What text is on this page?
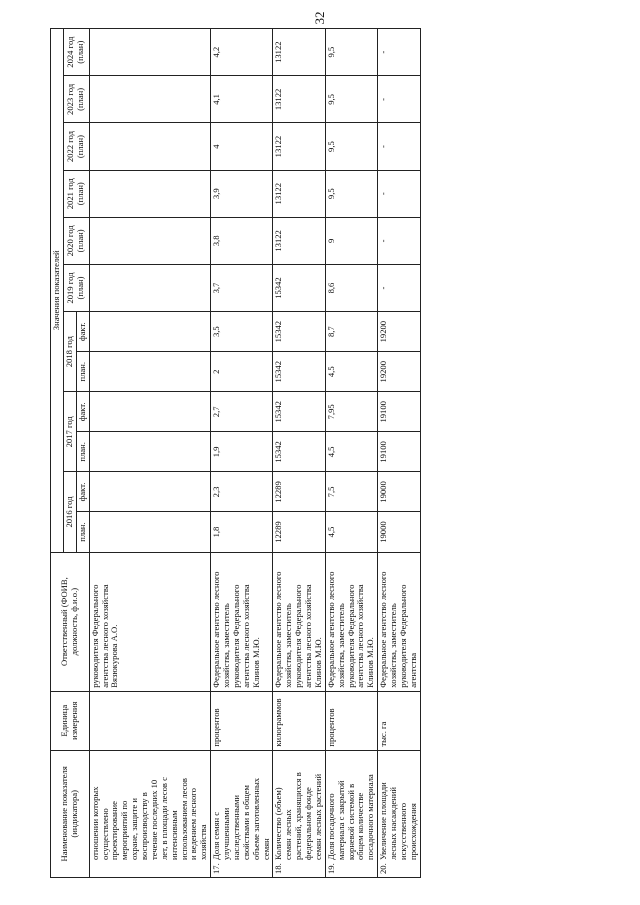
32
Наименование показателя (индикатора)	Единица измерения	Ответственный (ФОИВ, должность, ф.и.о.)	Значения показателей											
			2016 год		2017 год		2018 год		2019 год (план)	2020 год (план)	2021 год (план)	2022 год (план)	2023 год (план)	2024 год (план)
			план.	факт.	план.	факт.	план.	факт.						
отношении которых осуществлено проектирование мероприятий по охране, защите и воспроизводству в течение последних 10 лет, в площади лесов с интенсивным использованием лесов и ведением лесного хозяйства		руководителя Федерального агентства лесного хозяйства Вязюкурова А.О.												
17.Доля семян с улучшенными наследственными свойствами в общем объеме заготовленных семян	процентов	Федеральное агентство лесного хозяйства, заместитель руководителя Федерального агентства лесного хозяйства Клинов М.Ю.	1,8	2,3	1,9	2,7	2	3,5	3,7	3,8	3,9	4	4,1	4,2
18.Количество (объем) семян лесных растений, хранящихся в федеральном фонде семян лесных растений	килограммов	Федеральное агентство лесного хозяйства, заместитель руководителя Федерального агентства лесного хозяйства Клинов М.Ю.	12289	12289	15342	15342	15342	15342	15342	13122	13122	13122	13122	13122
19.Доля посадочного материала с закрытой корневой системой в общем количестве посадочного материала	процентов	Федеральное агентство лесного хозяйства, заместитель руководителя Федерального агентства лесного хозяйства Клинов М.Ю.	4,5	7,5	4,5	7,95	4,5	8,7	8,6	9	9,5	9,5	9,5	9,5
20.Увеличение площади лесных насаждений искусственного происхождения	тыс. га	Федеральное агентство лесного хозяйства, заместитель руководителя Федерального агентства	19000	19000	19100	19100	19200	19200	-	-	-	-	-	-
